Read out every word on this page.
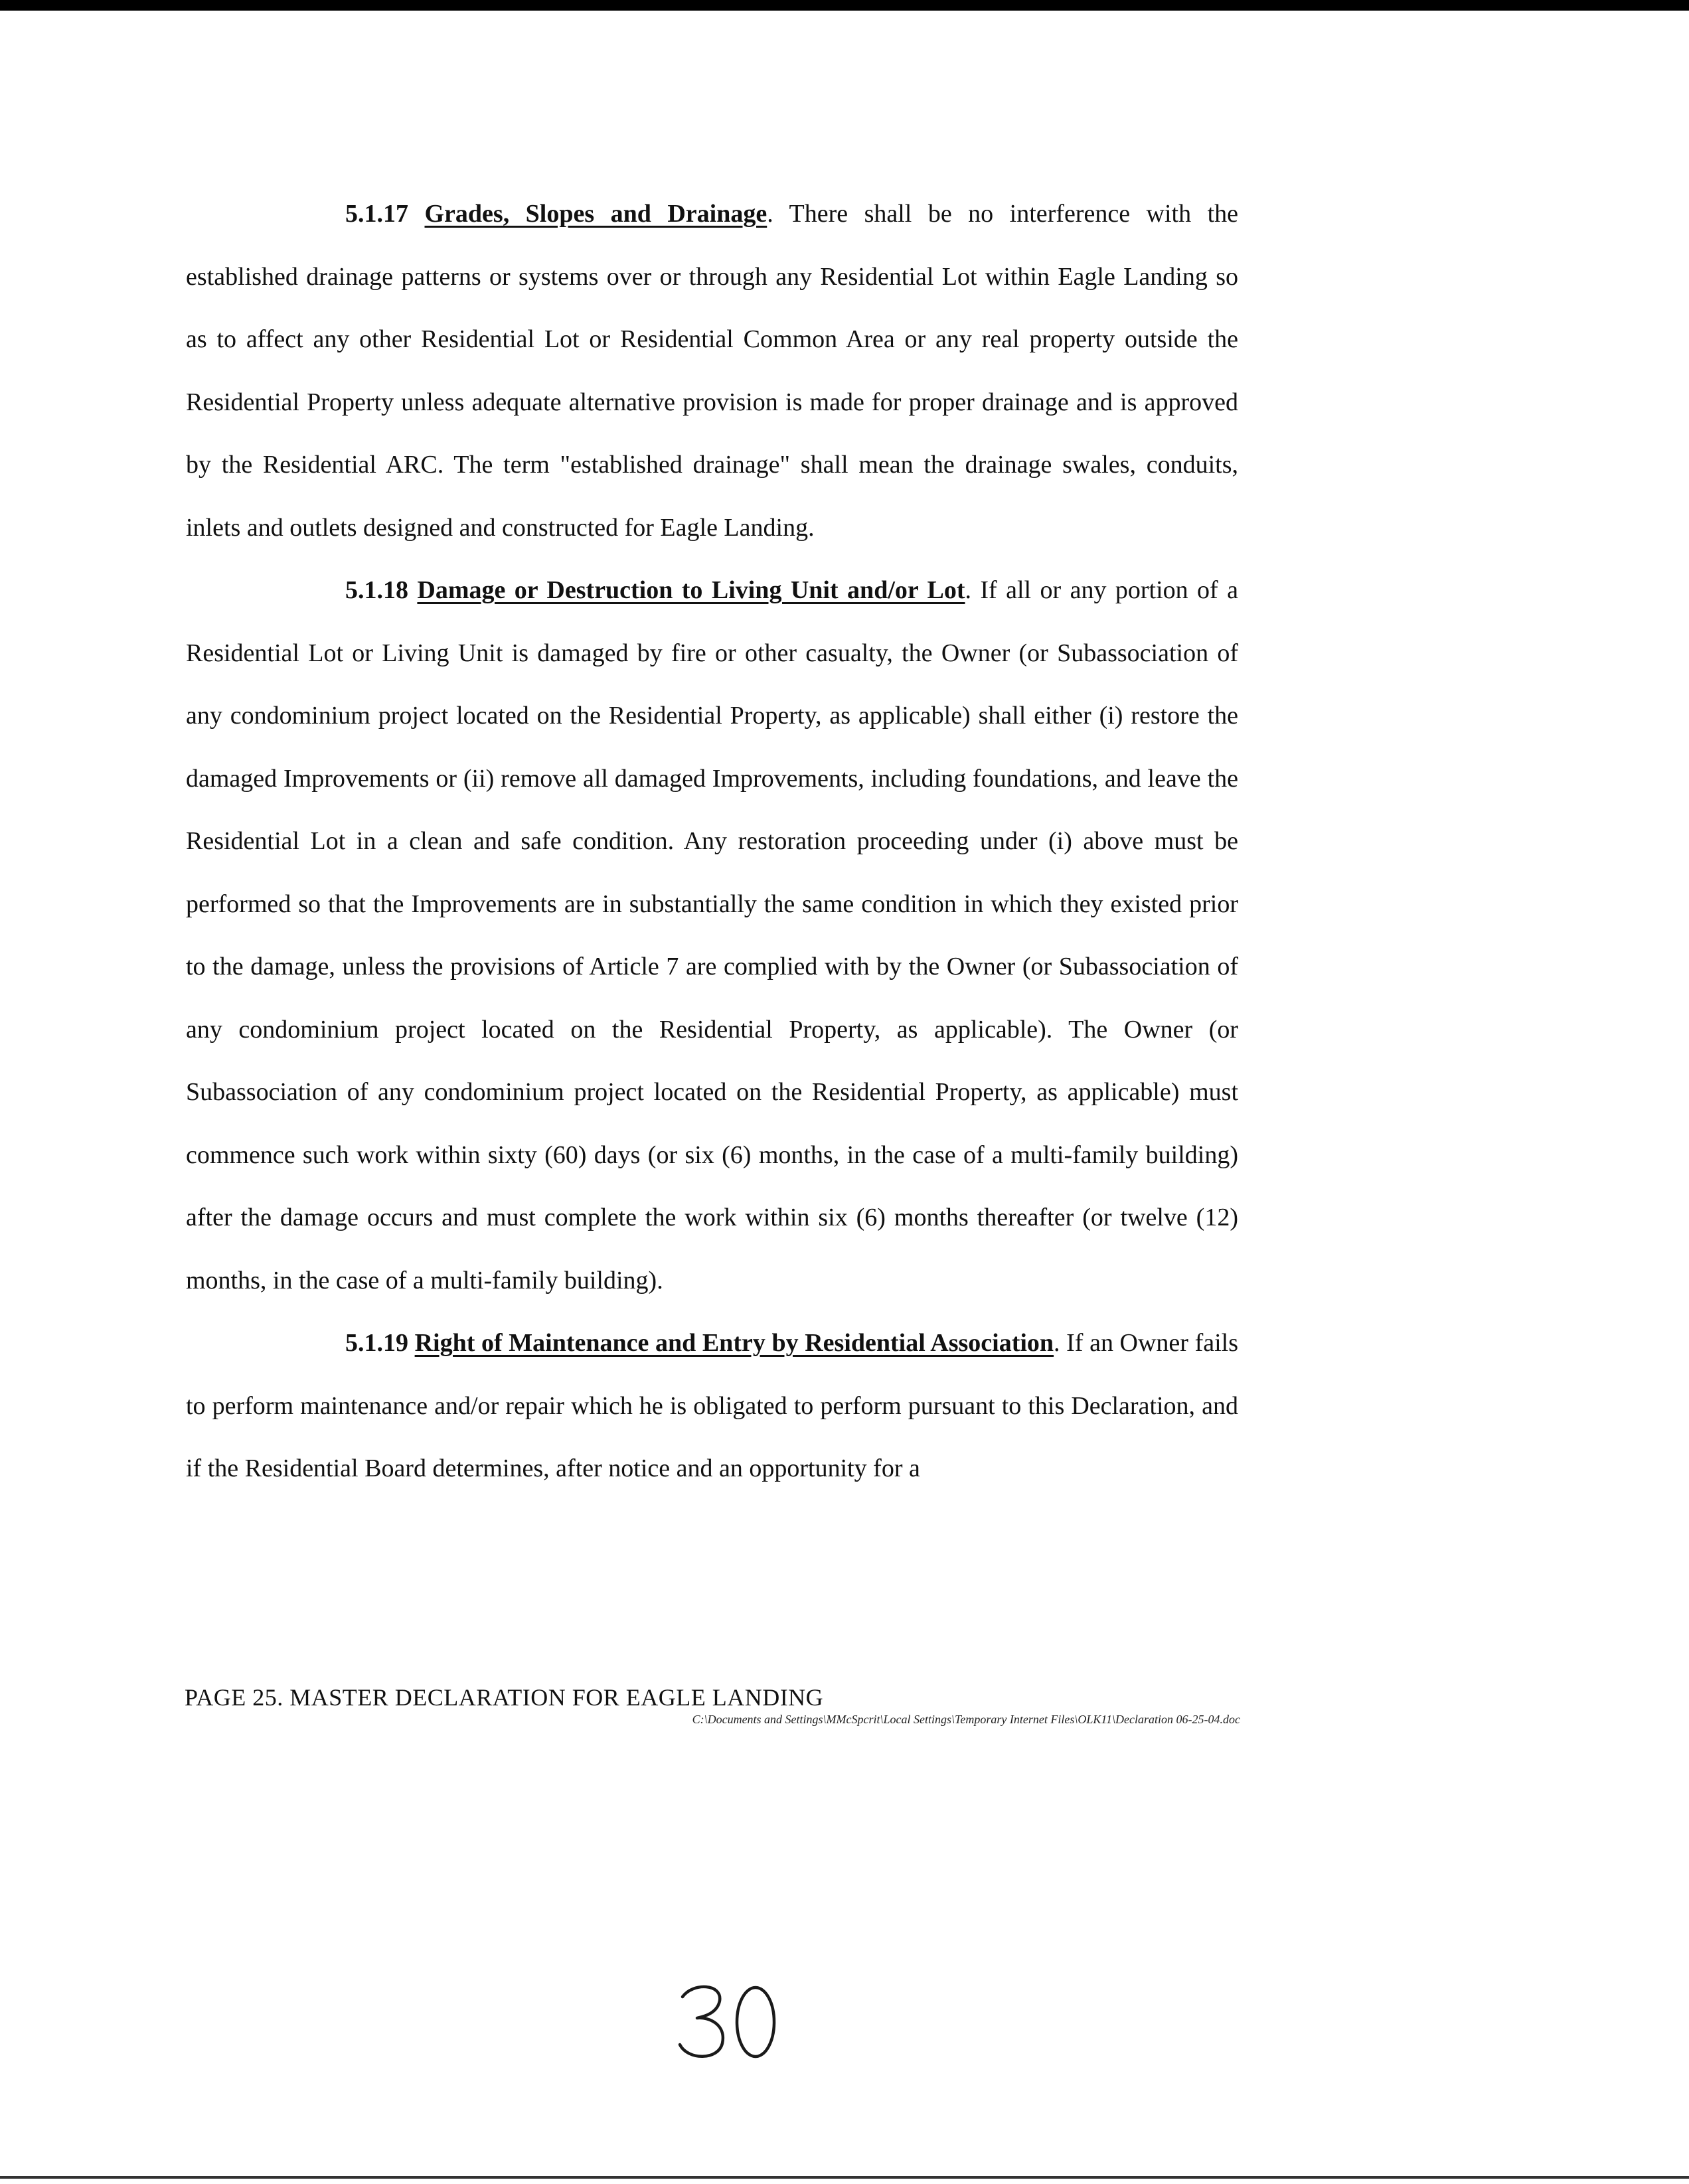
5.1.17 Grades, Slopes and Drainage. There shall be no interference with the established drainage patterns or systems over or through any Residential Lot within Eagle Landing so as to affect any other Residential Lot or Residential Common Area or any real property outside the Residential Property unless adequate alternative provision is made for proper drainage and is approved by the Residential ARC. The term "established drainage" shall mean the drainage swales, conduits, inlets and outlets designed and constructed for Eagle Landing.

5.1.18 Damage or Destruction to Living Unit and/or Lot. If all or any portion of a Residential Lot or Living Unit is damaged by fire or other casualty, the Owner (or Subassociation of any condominium project located on the Residential Property, as applicable) shall either (i) restore the damaged Improvements or (ii) remove all damaged Improvements, including foundations, and leave the Residential Lot in a clean and safe condition. Any restoration proceeding under (i) above must be performed so that the Improvements are in substantially the same condition in which they existed prior to the damage, unless the provisions of Article 7 are complied with by the Owner (or Subassociation of any condominium project located on the Residential Property, as applicable). The Owner (or Subassociation of any condominium project located on the Residential Property, as applicable) must commence such work within sixty (60) days (or six (6) months, in the case of a multi-family building) after the damage occurs and must complete the work within six (6) months thereafter (or twelve (12) months, in the case of a multi-family building).

5.1.19 Right of Maintenance and Entry by Residential Association. If an Owner fails to perform maintenance and/or repair which he is obligated to perform pursuant to this Declaration, and if the Residential Board determines, after notice and an opportunity for a

PAGE 25. MASTER DECLARATION FOR EAGLE LANDING
C:\Documents and Settings\MMcSpcrit\Local Settings\Temporary Internet Files\OLK11\Declaration 06-25-04.doc
